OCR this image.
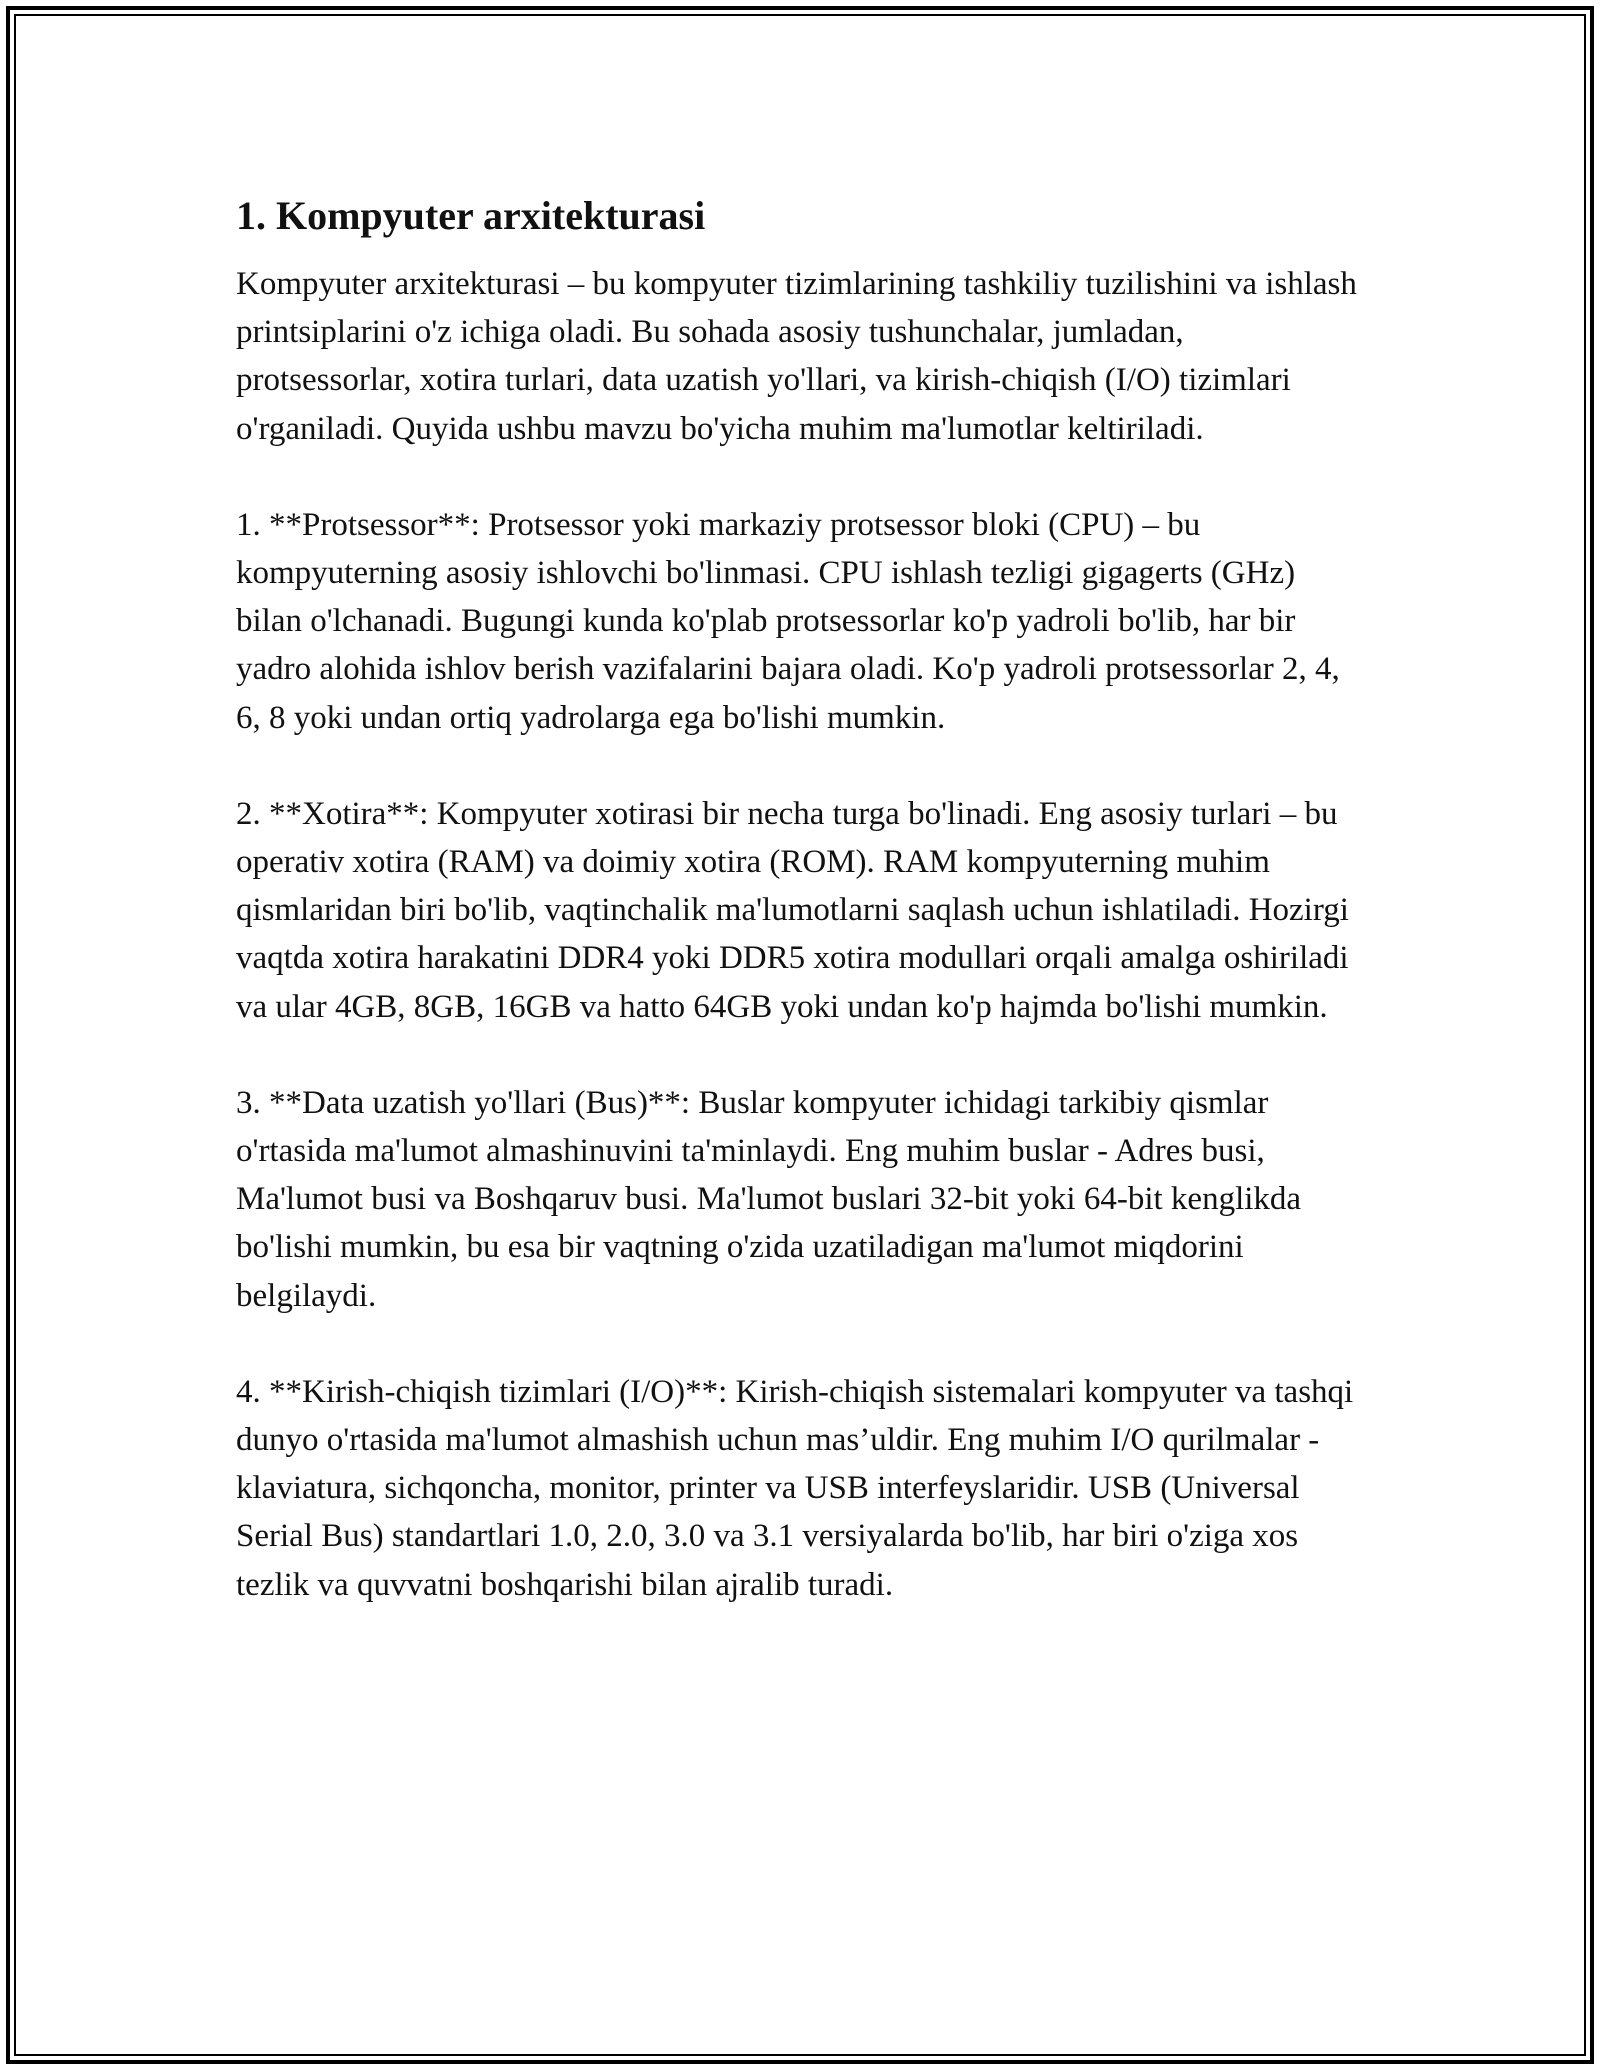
1. Kompyuter arxitekturasi

Kompyuter arxitekturasi – bu kompyuter tizimlarining tashkiliy tuzilishini va ishlash printsiplarini o'z ichiga oladi. Bu sohada asosiy tushunchalar, jumladan, protsessorlar, xotira turlari, data uzatish yo'llari, va kirish-chiqish (I/O) tizimlari o'rganiladi. Quyida ushbu mavzu bo'yicha muhim ma'lumotlar keltiriladi.

1. **Protsessor**: Protsessor yoki markaziy protsessor bloki (CPU) – bu kompyuterning asosiy ishlovchi bo'linmasi. CPU ishlash tezligi gigagerts (GHz) bilan o'lchanadi. Bugungi kunda ko'plab protsessorlar ko'p yadroli bo'lib, har bir yadro alohida ishlov berish vazifalarini bajara oladi. Ko'p yadroli protsessorlar 2, 4, 6, 8 yoki undan ortiq yadrolarga ega bo'lishi mumkin.

2. **Xotira**: Kompyuter xotirasi bir necha turga bo'linadi. Eng asosiy turlari – bu operativ xotira (RAM) va doimiy xotira (ROM). RAM kompyuterning muhim qismlaridan biri bo'lib, vaqtinchalik ma'lumotlarni saqlash uchun ishlatiladi. Hozirgi vaqtda xotira harakatini DDR4 yoki DDR5 xotira modullari orqali amalga oshiriladi va ular 4GB, 8GB, 16GB va hatto 64GB yoki undan ko'p hajmda bo'lishi mumkin.

3. **Data uzatish yo'llari (Bus)**: Buslar kompyuter ichidagi tarkibiy qismlar o'rtasida ma'lumot almashinuvini ta'minlaydi. Eng muhim buslar - Adres busi, Ma'lumot busi va Boshqaruv busi. Ma'lumot buslari 32-bit yoki 64-bit kenglikda bo'lishi mumkin, bu esa bir vaqtning o'zida uzatiladigan ma'lumot miqdorini belgilaydi.

4. **Kirish-chiqish tizimlari (I/O)**: Kirish-chiqish sistemalari kompyuter va tashqi dunyo o'rtasida ma'lumot almashish uchun mas’uldir. Eng muhim I/O qurilmalar - klaviatura, sichqoncha, monitor, printer va USB interfeyslaridir. USB (Universal Serial Bus) standartlari 1.0, 2.0, 3.0 va 3.1 versiyalarda bo'lib, har biri o'ziga xos tezlik va quvvatni boshqarishi bilan ajralib turadi.
